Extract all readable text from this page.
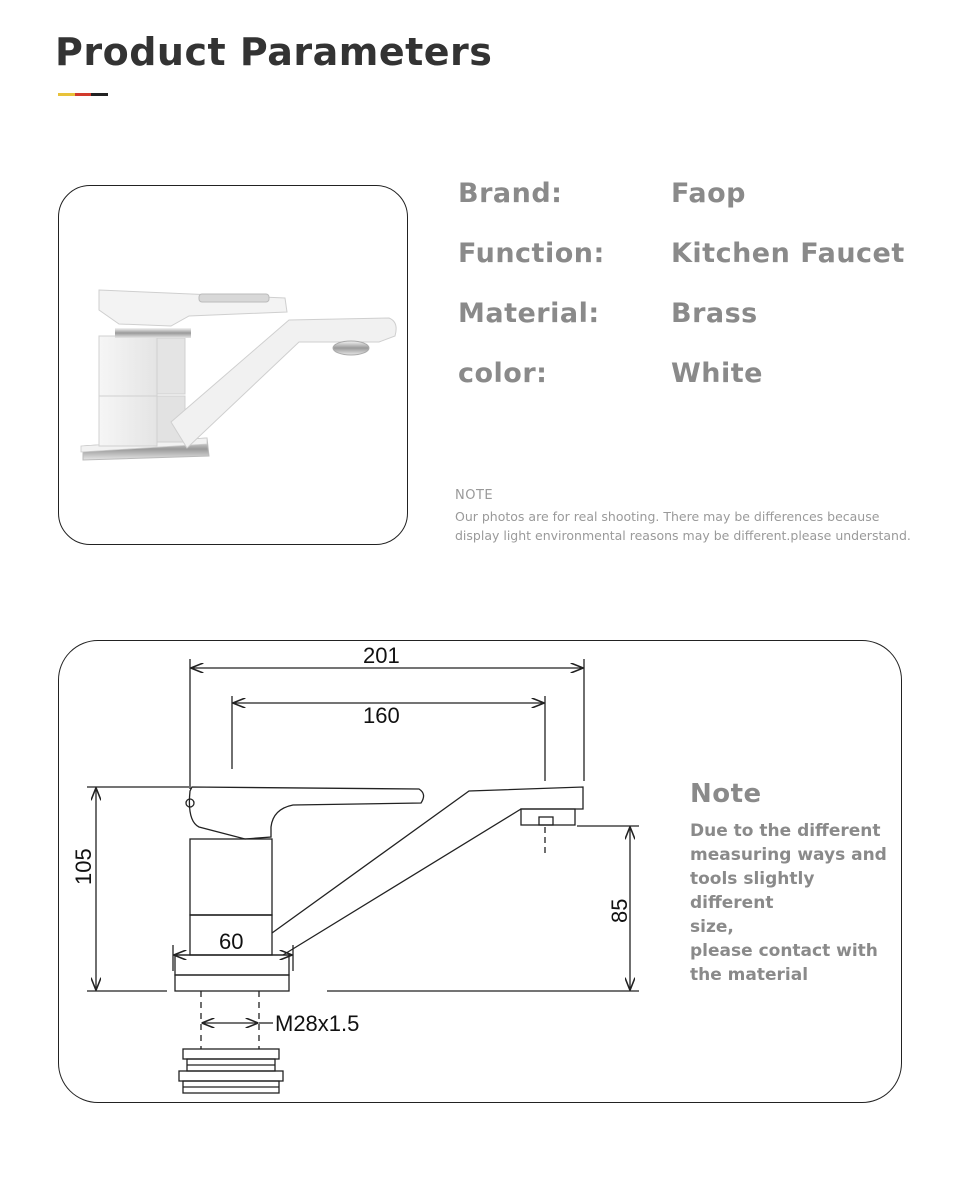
Product Parameters
Brand:	Faop
Function: Kitchen Faucet
Material:	Brass
color:	White

NOTE

Our photos are for real shooting. There may be differences because
display light environmental reasons may be different.please understand.

201
160
105
85
60
M28x1.5

Note

Due to the different

measuring ways and

tools slightly different

size,

please contact with

the material
